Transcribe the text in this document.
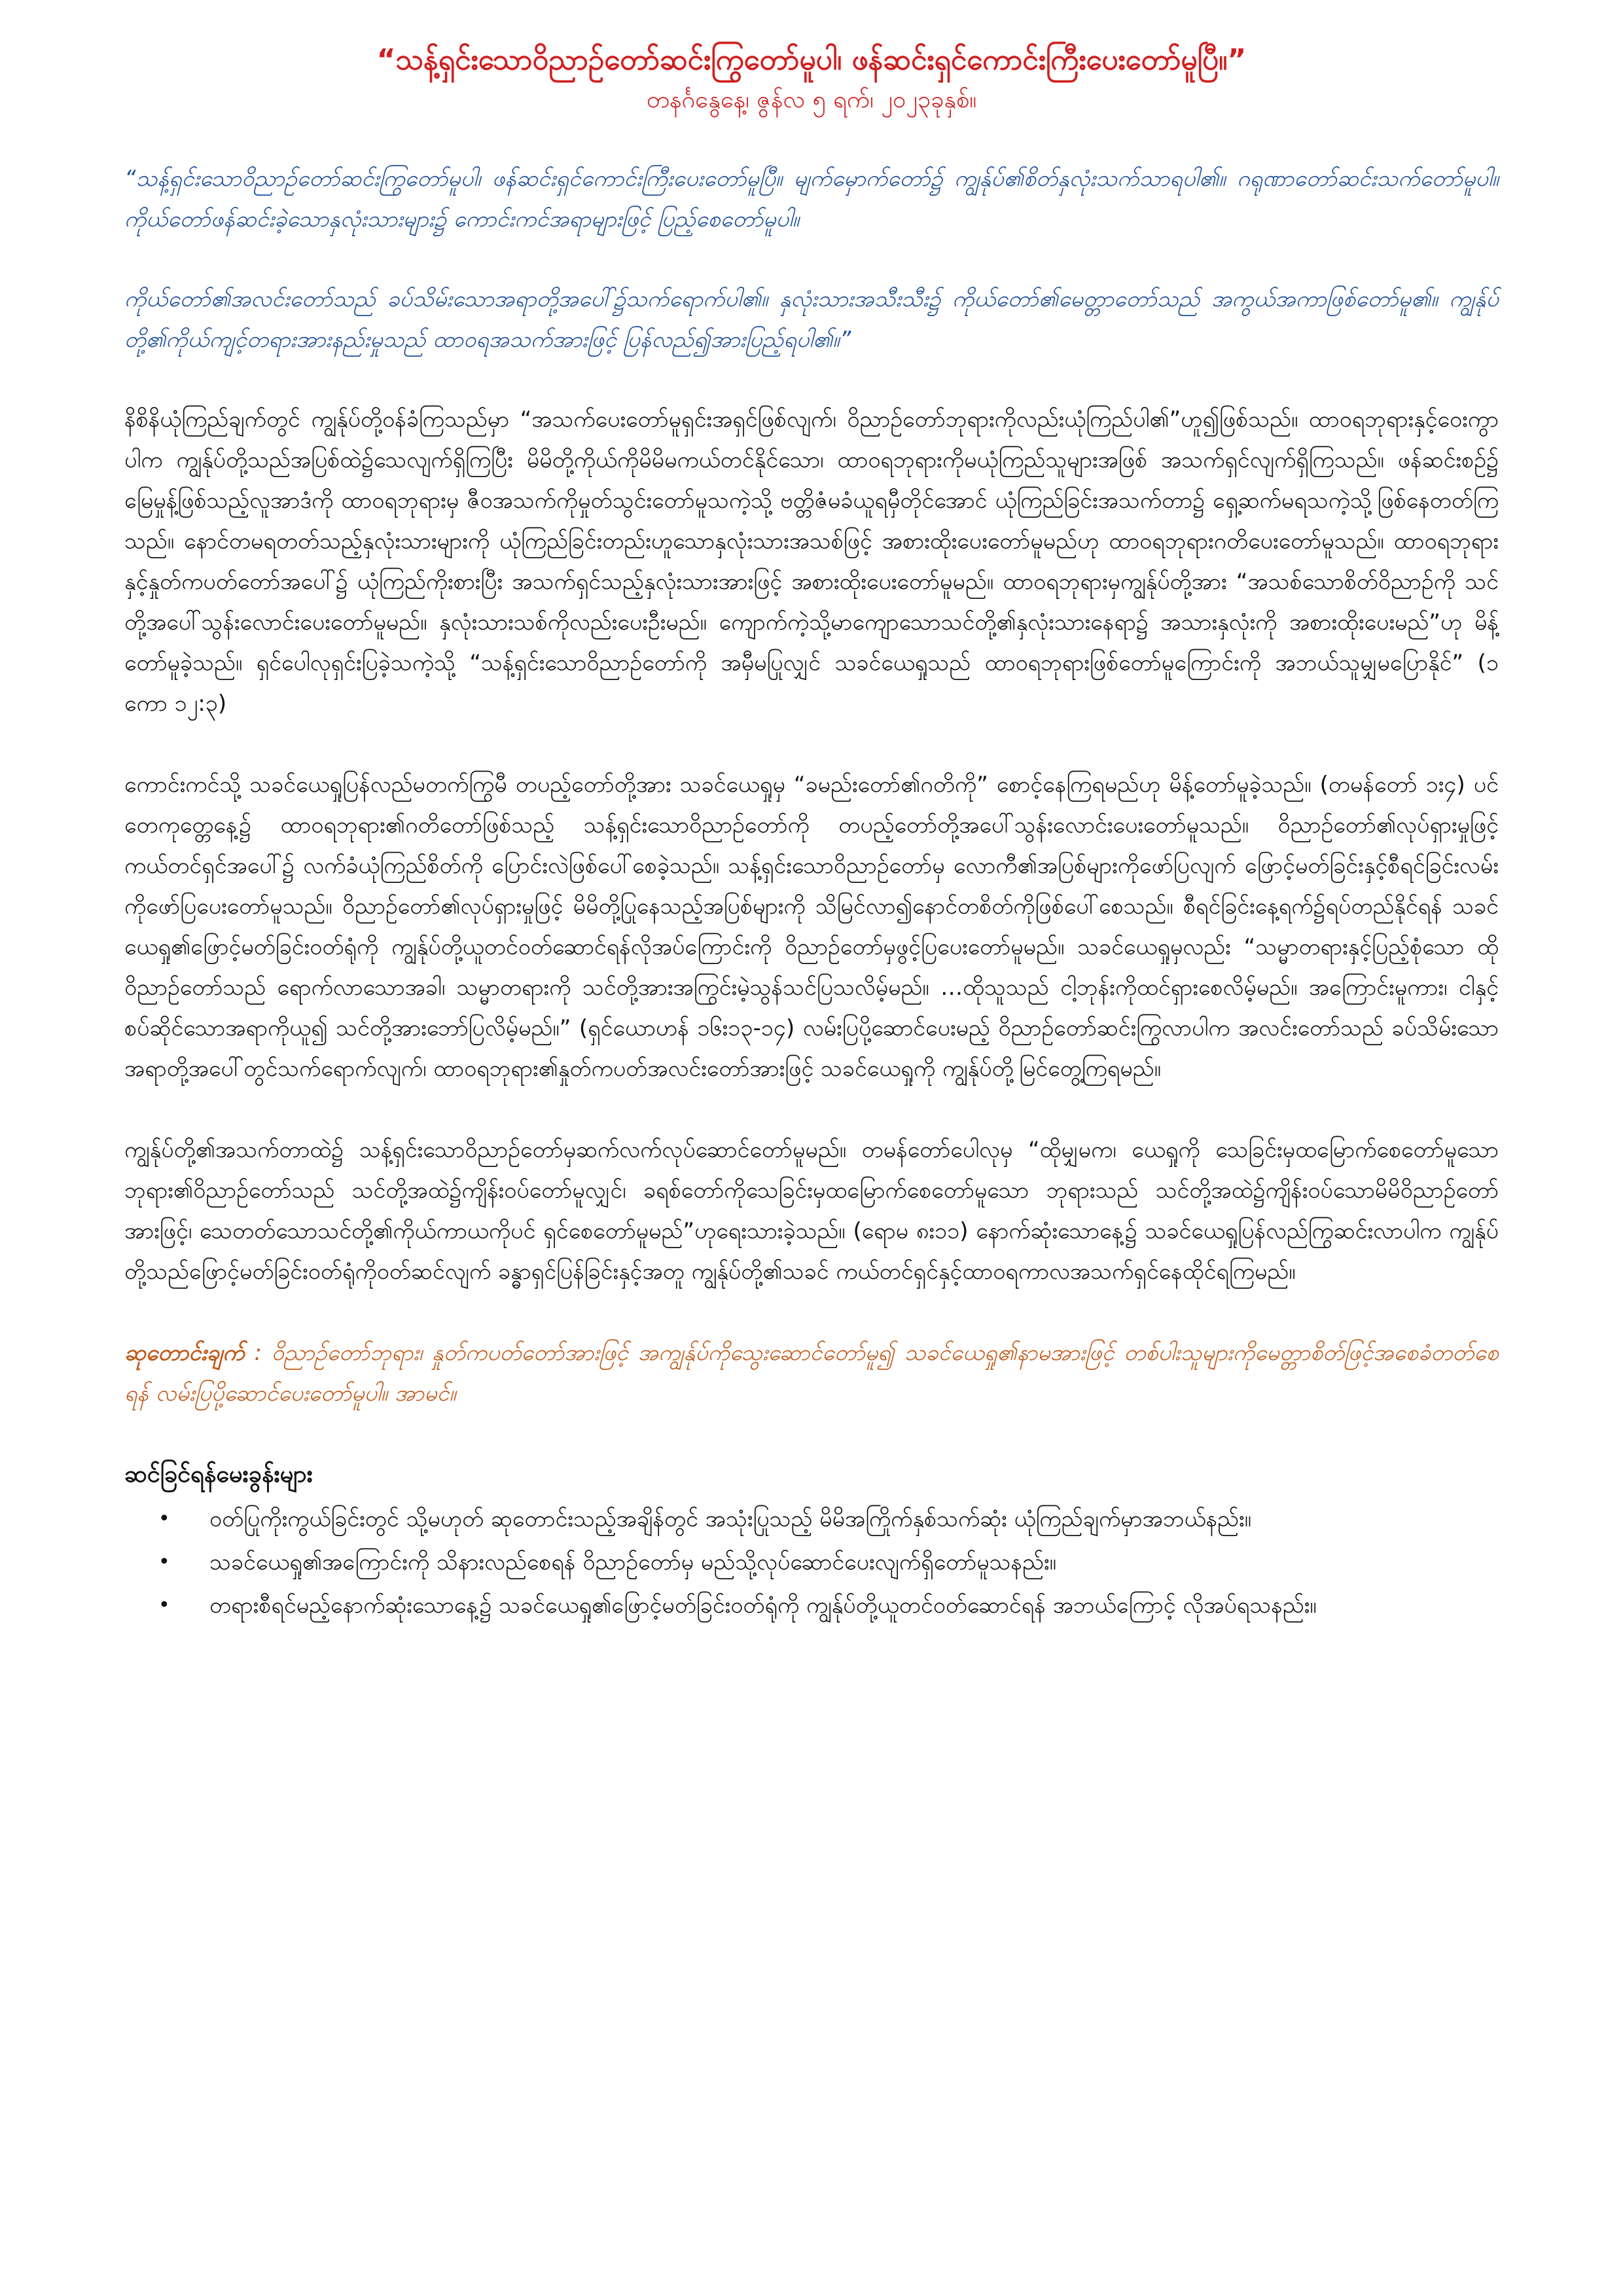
“သန့်ရှင်းသောဝိညာဉ်တော်ဆင်းကြွတော်မူပါ၊ ဖန်ဆင်းရှင်ကောင်းကြီးပေးတော်မူပြီ။”

တနင်္ဂနွေနေ့၊ ဇွန်လ ၅ ရက်၊ ၂၀၂၃ခုနှစ်။

“သန့်ရှင်းသောဝိညာဉ်တော်ဆင်းကြွတော်မူပါ၊ ဖန်ဆင်းရှင်ကောင်းကြီးပေးတော်မူပြီ။ မျက်မှောက်တော်၌ ကျွန်ုပ်၏စိတ်နှလုံးသက်သာရပါ၏။ ဂရုဏာတော်ဆင်းသက်တော်မူပါ။ ကိုယ်တော်ဖန်ဆင်းခဲ့သောနှလုံးသားများ၌ ကောင်းကင်အရာများဖြင့် ပြည့်စေတော်မူပါ။

ကိုယ်တော်၏အလင်းတော်သည် ခပ်သိမ်းသောအရာတို့အပေါ်၌သက်ရောက်ပါ၏။ နှလုံးသားအသီးသီး၌ ကိုယ်တော်၏မေတ္တာတော်သည် အကွယ်အကာဖြစ်တော်မူ၏။ ကျွန်ုပ်တို့၏ကိုယ်ကျင့်တရားအားနည်းမှုသည် ထာဝရအသက်အားဖြင့် ပြန်လည်၍အားပြည့်ရပါ၏။”

နိစိနိယုံကြည်ချက်တွင် ကျွန်ုပ်တို့ဝန်ခံကြသည်မှာ “အသက်ပေးတော်မူရှင်းအရှင်ဖြစ်လျက်၊ ဝိညာဉ်တော်ဘုရားကိုလည်းယုံကြည်ပါ၏”ဟူ၍ဖြစ်သည်။ ထာဝရဘုရားနှင့်ဝေးကွာပါက ကျွန်ုပ်တို့သည်အပြစ်ထဲ၌သေလျက်ရှိကြပြီး မိမိတို့ကိုယ်ကိုမိမိမကယ်တင်နိုင်သော၊ ထာဝရဘုရားကိုမယုံကြည်သူများအဖြစ် အသက်ရှင်လျက်ရှိကြသည်။ ဖန်ဆင်းစဉ်၌ မြေမှုန့်ဖြစ်သည့်လူအာဒံကို ထာဝရဘုရားမှ ဇီဝအသက်ကိုမှုတ်သွင်းတော်မူသကဲ့သို့ ဗတ္တိဇံမခံယူရမှီတိုင်အောင် ယုံကြည်ခြင်းအသက်တာ၌ ရှေ့ဆက်မရသကဲ့သို့ဖြစ်နေတတ်ကြသည်။ နောင်တမရတတ်သည့်နှလုံးသားများကို ယုံကြည်ခြင်းတည်းဟူသောနှလုံးသားအသစ်ဖြင့် အစားထိုးပေးတော်မူမည်ဟု ထာဝရဘုရားဂတိပေးတော်မူသည်။ ထာဝရဘုရားနှင့်နှုတ်ကပတ်တော်အပေါ်၌ ယုံကြည်ကိုးစားပြီး အသက်ရှင်သည့်နှလုံးသားအားဖြင့် အစားထိုးပေးတော်မူမည်။ ထာဝရဘုရားမှကျွန်ုပ်တို့အား “အသစ်သောစိတ်ဝိညာဉ်ကို သင်တို့အပေါ်သွန်းလောင်းပေးတော်မူမည်။ နှလုံးသားသစ်ကိုလည်းပေးဦးမည်။ ကျောက်ကဲ့သို့မာကျောသောသင်တို့၏နှလုံးသားနေရာ၌ အသားနှလုံးကို အစားထိုးပေးမည်”ဟု မိန့်တော်မူခဲ့သည်။ ရှင်ပေါလုရှင်းပြခဲ့သကဲ့သို့ “သန့်ရှင်းသောဝိညာဉ်တော်ကို အမှီမပြုလျှင် သခင်ယေရှုသည် ထာဝရဘုရားဖြစ်တော်မူကြောင်းကို အဘယ်သူမျှမပြောနိုင်” (၁ ကော ၁၂:၃)

ကောင်းကင်သို့ သခင်ယေရှုပြန်လည်မတက်ကြွမီ တပည့်တော်တို့အား သခင်ယေရှုမှ “ခမည်းတော်၏ဂတိကို” စောင့်နေကြရမည်ဟု မိန့်တော်မူခဲ့သည်။ (တမန်တော် ၁း၄) ပင်တေကုတ္တေနေ့၌ ထာဝရဘုရား၏ဂတိတော်ဖြစ်သည့် သန့်ရှင်းသောဝိညာဉ်တော်ကို တပည့်တော်တို့အပေါ်သွန်းလောင်းပေးတော်မူသည်။ ဝိညာဉ်တော်၏လုပ်ရှားမှုဖြင့် ကယ်တင်ရှင်အပေါ်၌ လက်ခံယုံကြည်စိတ်ကို ပြောင်းလဲဖြစ်ပေါ်စေခဲ့သည်။ သန့်ရှင်းသောဝိညာဉ်တော်မှ လောကီ၏အပြစ်များကိုဖော်ပြလျက် ဖြောင့်မတ်ခြင်းနှင့်စီရင်ခြင်းလမ်းကိုဖော်ပြပေးတော်မူသည်။ ဝိညာဉ်တော်၏လုပ်ရှားမှုဖြင့် မိမိတို့ပြုနေသည့်အပြစ်များကို သိမြင်လာ၍နောင်တစိတ်ကိုဖြစ်ပေါ်စေသည်။ စီရင်ခြင်းနေ့ရက်၌ရပ်တည်နိုင်ရန် သခင်ယေရှု၏ဖြောင့်မတ်ခြင်းဝတ်ရုံကို ကျွန်ုပ်တို့ယူတင်ဝတ်ဆောင်ရန်လိုအပ်ကြောင်းကို ဝိညာဉ်တော်မှဖွင့်ပြပေးတော်မူမည်။ သခင်ယေရှုမှလည်း “သမ္မာတရားနှင့်ပြည့်စုံသော ထိုဝိညာဉ်တော်သည် ရောက်လာသောအခါ၊ သမ္မာတရားကို သင်တို့အားအကြွင်းမဲ့သွန်သင်ပြသလိမ့်မည်။ …ထိုသူသည် ငါ့ဘုန်းကိုထင်ရှားစေလိမ့်မည်။ အကြောင်းမူကား၊ ငါနှင့်စပ်ဆိုင်သောအရာကိုယူ၍ သင်တို့အားဘော်ပြလိမ့်မည်။” (ရှင်ယောဟန် ၁၆း၁၃-၁၄) လမ်းပြပို့ဆောင်ပေးမည့် ဝိညာဉ်တော်ဆင်းကြွလာပါက အလင်းတော်သည် ခပ်သိမ်းသောအရာတို့အပေါ်တွင်သက်ရောက်လျက်၊ ထာဝရဘုရား၏နှုတ်ကပတ်အလင်းတော်အားဖြင့် သခင်ယေရှုကို ကျွန်ုပ်တို့မြင်တွေ့ကြရမည်။

ကျွန်ုပ်တို့၏အသက်တာထဲ၌ သန့်ရှင်းသောဝိညာဉ်တော်မှဆက်လက်လုပ်ဆောင်တော်မူမည်။ တမန်တော်ပေါလုမှ “ထိုမျှမက၊ ယေရှုကို သေခြင်းမှထမြောက်စေတော်မူသော ဘုရား၏ဝိညာဉ်တော်သည် သင်တို့အထဲ၌ကျိန်းဝပ်တော်မူလျှင်၊ ခရစ်တော်ကိုသေခြင်းမှထမြောက်စေတော်မူသော ဘုရားသည် သင်တို့အထဲ၌ကျိန်းဝပ်သောမိမိဝိညာဉ်တော်အားဖြင့်၊ သေတတ်သောသင်တို့၏ကိုယ်ကာယကိုပင် ရှင်စေတော်မူမည်”ဟုရေးသားခဲ့သည်။ (ရောမ ၈း၁၁) နောက်ဆုံးသောနေ့၌ သခင်ယေရှုပြန်လည်ကြွဆင်းလာပါက ကျွန်ုပ်တို့သည်ဖြောင့်မတ်ခြင်းဝတ်ရုံကိုဝတ်ဆင်လျက် ခန္ဓာရှင်ပြန်ခြင်းနှင့်အတူ ကျွန်ုပ်တို့၏သခင် ကယ်တင်ရှင်နှင့်ထာဝရကာလအသက်ရှင်နေထိုင်ရကြမည်။

ဆုတောင်းချက် : ဝိညာဉ်တော်ဘုရား၊ နှုတ်ကပတ်တော်အားဖြင့် အကျွန်ုပ်ကိုသွေးဆောင်တော်မူ၍ သခင်ယေရှု၏နာမအားဖြင့် တစ်ပါးသူများကိုမေတ္တာစိတ်ဖြင့်အစေခံတတ်စေရန် လမ်းပြပို့ဆောင်ပေးတော်မူပါ။ အာမင်။

ဆင်ခြင်ရန်မေးခွန်းများ
• ဝတ်ပြုကိုးကွယ်ခြင်းတွင် သို့မဟုတ် ဆုတောင်းသည့်အချိန်တွင် အသုံးပြုသည့် မိမိအကြိုက်နှစ်သက်ဆုံး ယုံကြည်ချက်မှာအဘယ်နည်း။
• သခင်ယေရှု၏အကြောင်းကို သိနားလည်စေရန် ဝိညာဉ်တော်မှ မည်သို့လုပ်ဆောင်ပေးလျက်ရှိတော်မူသနည်း။
• တရားစီရင်မည့်နောက်ဆုံးသောနေ့၌ သခင်ယေရှု၏ဖြောင့်မတ်ခြင်းဝတ်ရုံကို ကျွန်ုပ်တို့ယူတင်ဝတ်ဆောင်ရန် အဘယ်ကြောင့် လိုအပ်ရသနည်း။
